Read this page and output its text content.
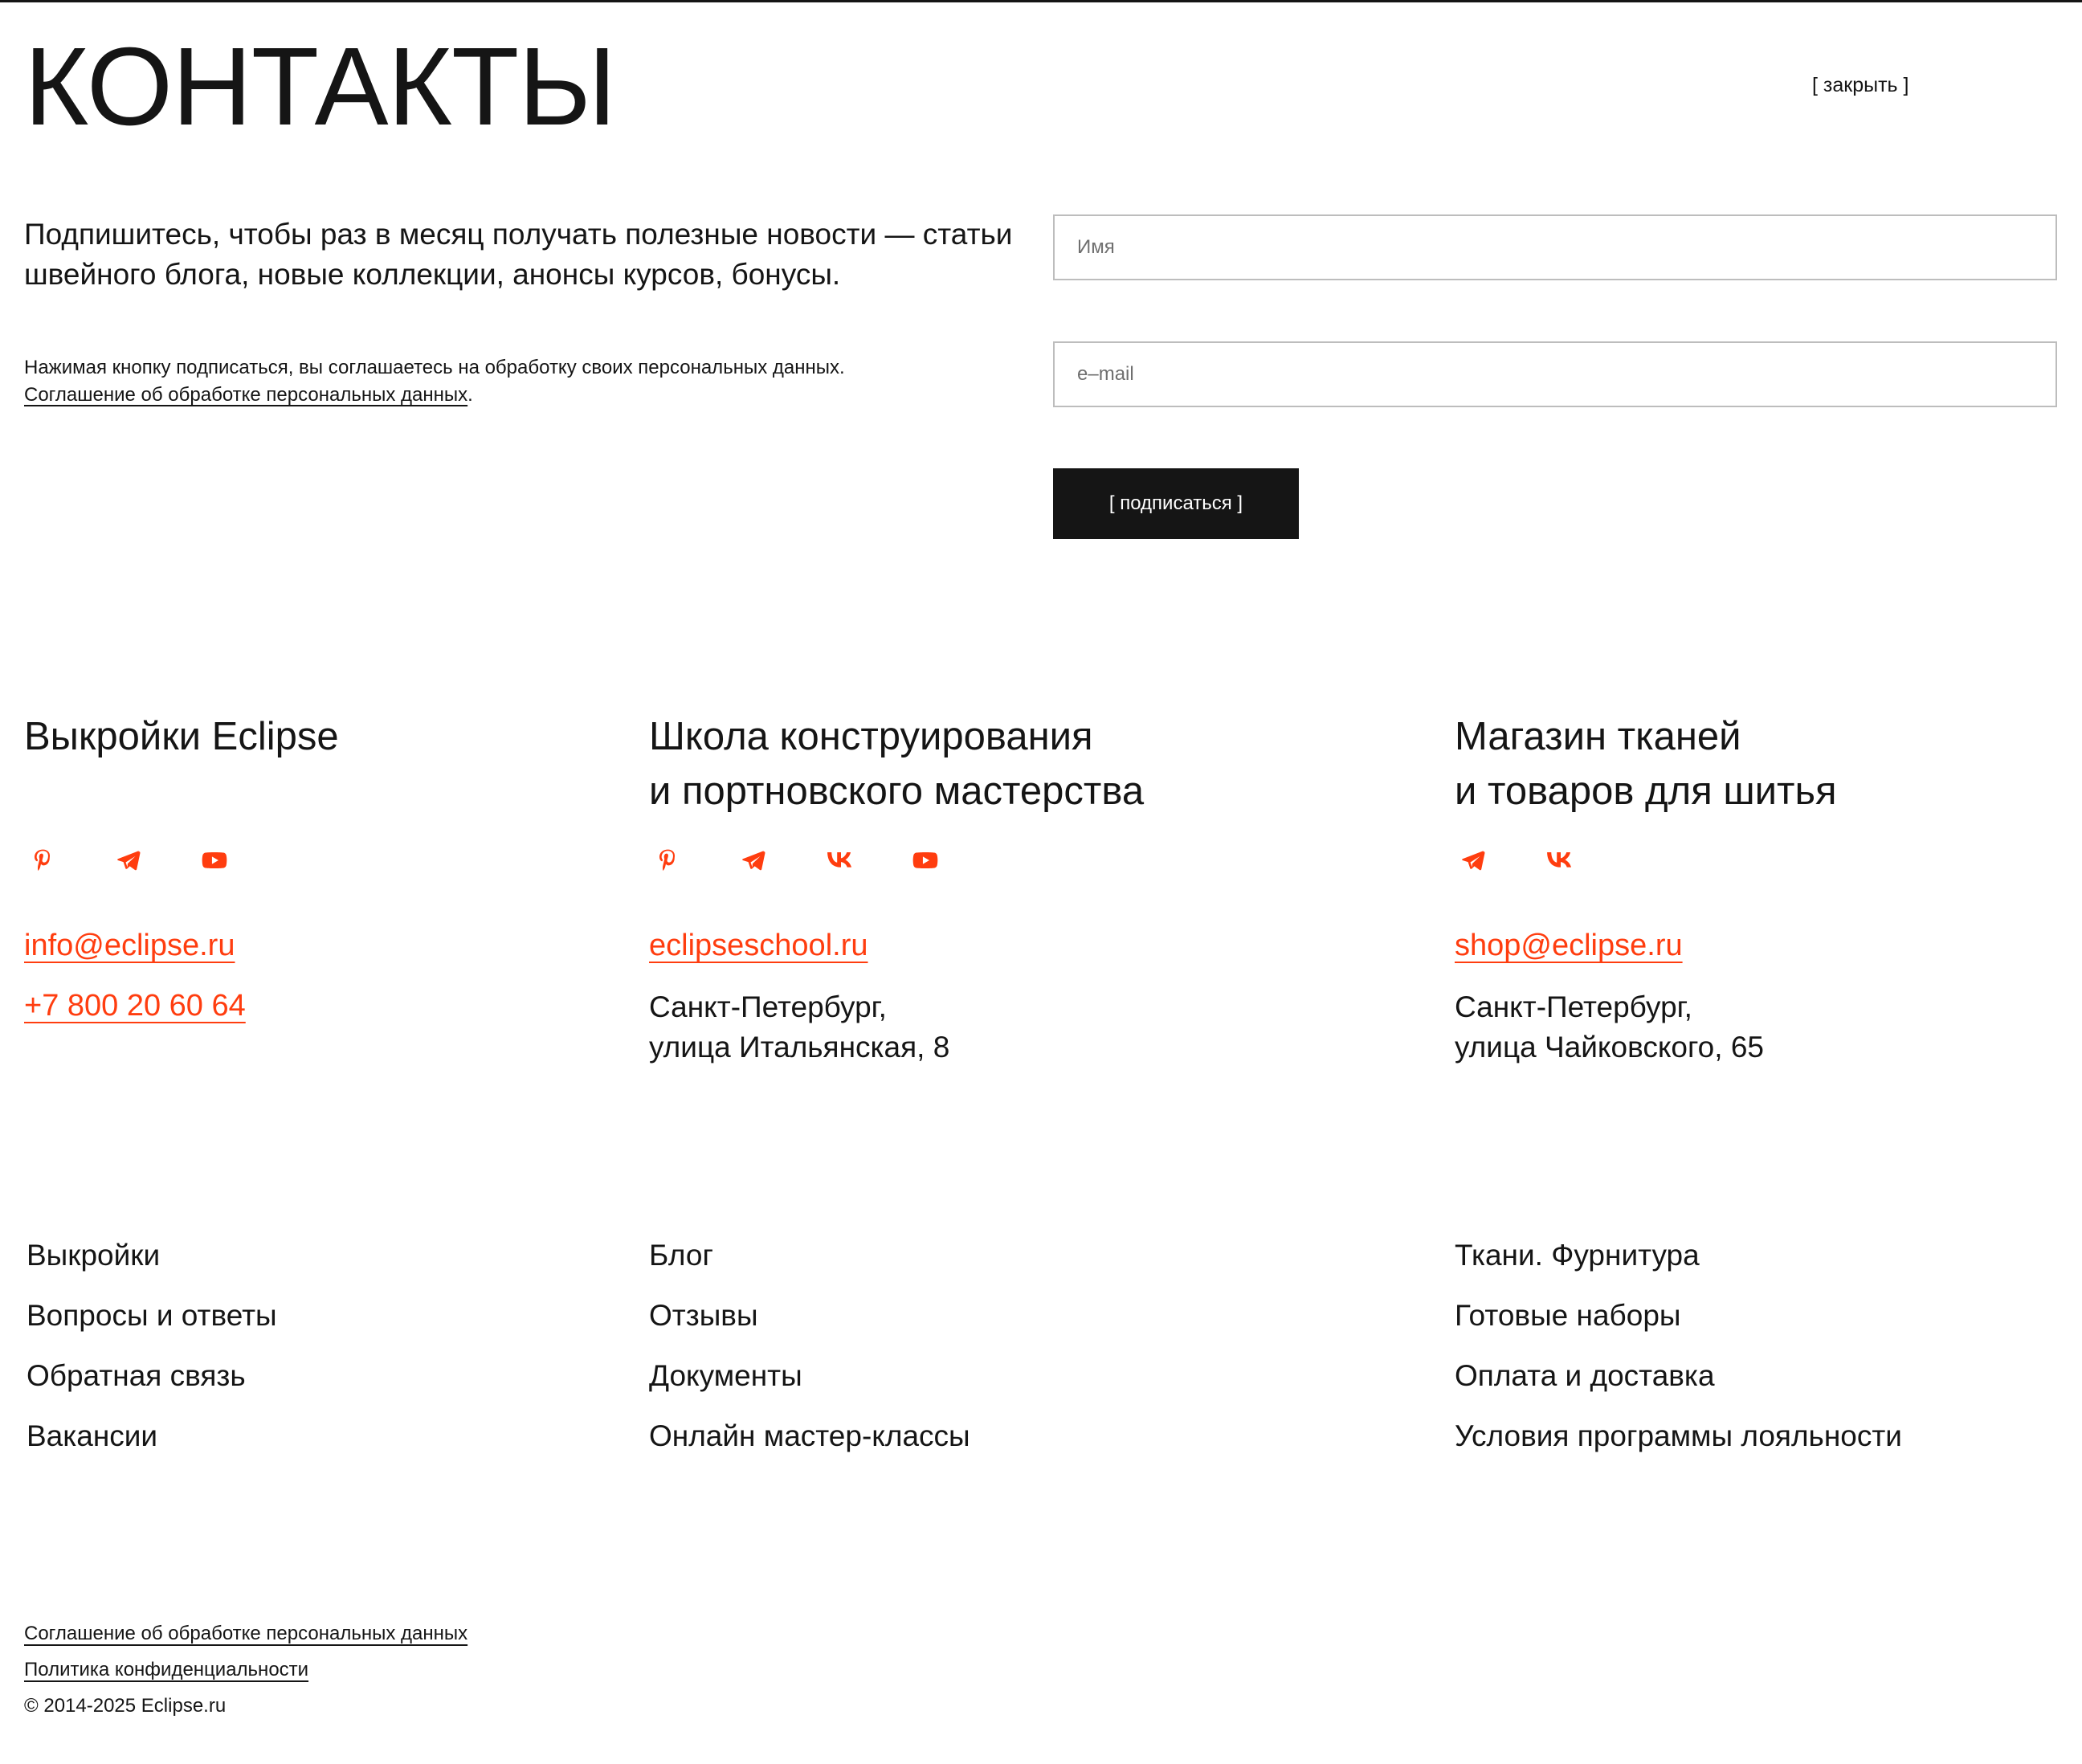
КОНТАКТЫ	[ закрыть ]
Подпишитесь, чтобы раз в месяц получать полезные новости — статьи швейного блога, новые коллекции, анонсы курсов, бонусы.
Нажимая кнопку подписаться, вы соглашаетесь на обработку своих персональных данных.
Соглашение об обработке персональных данных.
Имя
e–mail
[ подписаться ]
Выкройки Eclipse
info@eclipse.ru
+7 800 20 60 64
Школа конструирования
и портновского мастерства
eclipseschool.ru
Санкт-Петербург,
улица Итальянская, 8
Магазин тканей
и товаров для шитья
shop@eclipse.ru
Санкт-Петербург,
улица Чайковского, 65
Выкройки
Вопросы и ответы
Обратная связь
Вакансии
Блог
Отзывы
Документы
Онлайн мастер-классы
Ткани. Фурнитура
Готовые наборы
Оплата и доставка
Условия программы лояльности
Соглашение об обработке персональных данных
Политика конфиденциальности
© 2014-2025 Eclipse.ru
